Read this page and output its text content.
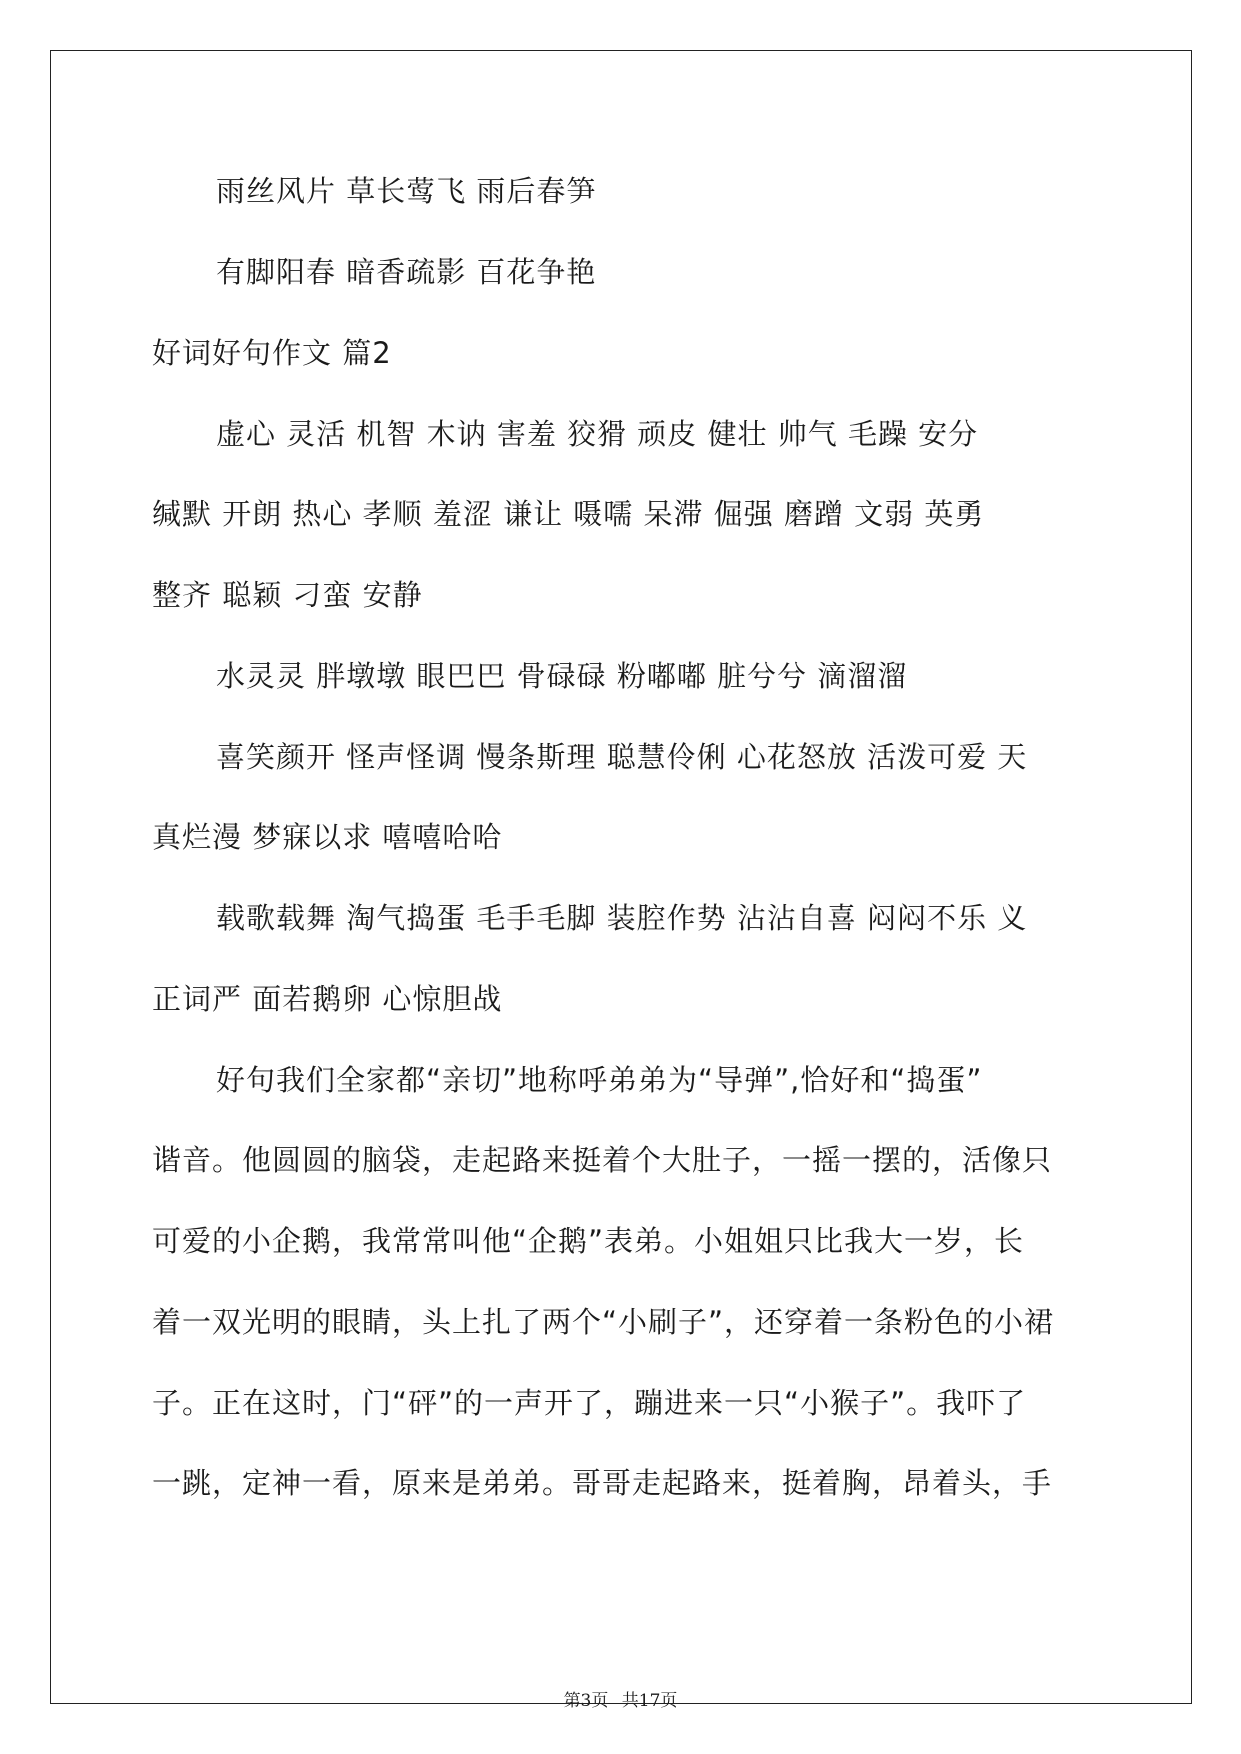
雨丝风片 草长莺飞 雨后春笋
有脚阳春 暗香疏影 百花争艳
好词好句作文 篇2
虚心 灵活 机智 木讷 害羞 狡猾 顽皮 健壮 帅气 毛躁 安分
缄默 开朗 热心 孝顺 羞涩 谦让 嗫嚅 呆滞 倔强 磨蹭 文弱 英勇
整齐 聪颖 刁蛮 安静
水灵灵 胖墩墩 眼巴巴 骨碌碌 粉嘟嘟 脏兮兮 滴溜溜
喜笑颜开 怪声怪调 慢条斯理 聪慧伶俐 心花怒放 活泼可爱 天
真烂漫 梦寐以求 嘻嘻哈哈
载歌载舞 淘气捣蛋 毛手毛脚 装腔作势 沾沾自喜 闷闷不乐 义
正词严 面若鹅卵 心惊胆战
好句我们全家都“亲切”地称呼弟弟为“导弹”,恰好和“捣蛋”
谐音。他圆圆的脑袋，走起路来挺着个大肚子，一摇一摆的，活像只
可爱的小企鹅，我常常叫他“企鹅”表弟。小姐姐只比我大一岁，长
着一双光明的眼睛，头上扎了两个“小刷子”，还穿着一条粉色的小裙
子。正在这时，门“砰”的一声开了，蹦进来一只“小猴子”。我吓了
一跳，定神一看，原来是弟弟。哥哥走起路来，挺着胸，昂着头，手
第3页 共17页
